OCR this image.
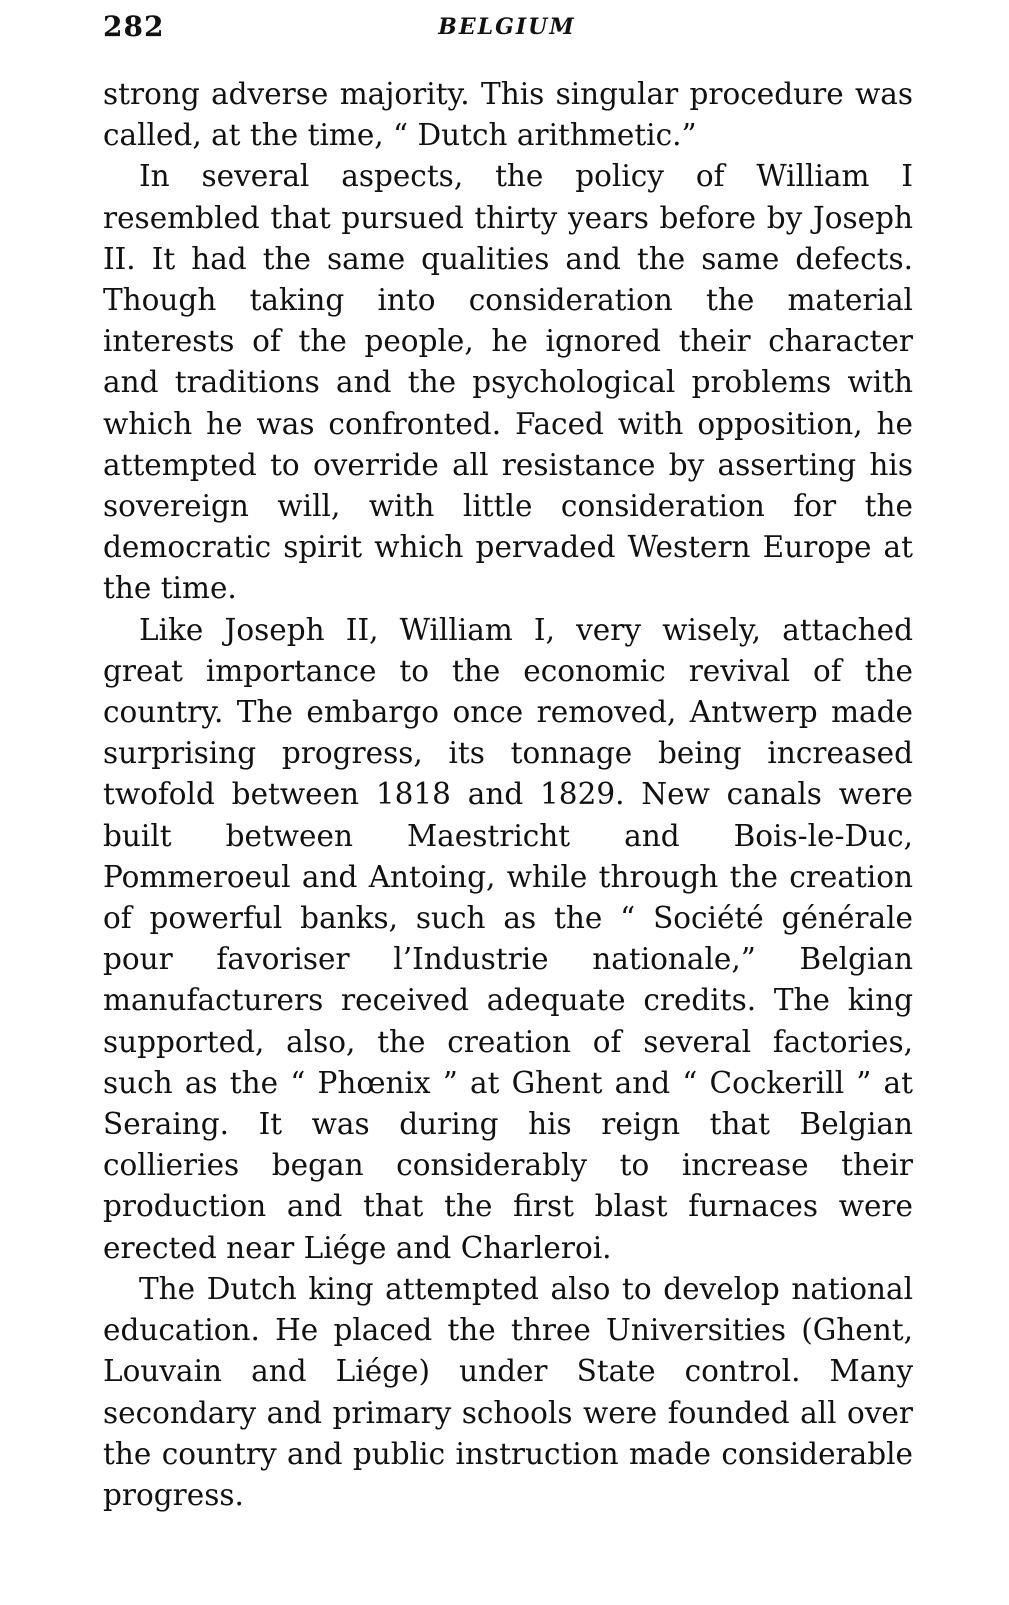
282	BELGIUM

strong adverse majority. This singular procedure was called, at the time, “ Dutch arithmetic.”

In several aspects, the policy of William I resembled that pursued thirty years before by Joseph II. It had the same qualities and the same defects. Though taking into consideration the material interests of the people, he ignored their character and traditions and the psychological problems with which he was confronted. Faced with opposition, he attempted to override all resistance by asserting his sovereign will, with little consideration for the democratic spirit which pervaded Western Europe at the time.

Like Joseph II, William I, very wisely, attached great importance to the economic revival of the country. The embargo once removed, Antwerp made surprising progress, its tonnage being increased twofold between 1818 and 1829. New canals were built between Maestricht and Bois-le-Duc, Pommeroeul and Antoing, while through the creation of powerful banks, such as the “ Société générale pour favoriser l’Industrie nationale,” Belgian manufacturers received adequate credits. The king supported, also, the creation of several factories, such as the “ Phœnix ” at Ghent and “ Cockerill ” at Seraing. It was during his reign that Belgian collieries began considerably to increase their production and that the first blast furnaces were erected near Liége and Charleroi.

The Dutch king attempted also to develop national education. He placed the three Universities (Ghent, Louvain and Liége) under State control. Many secondary and primary schools were founded all over the country and public instruction made considerable progress.
